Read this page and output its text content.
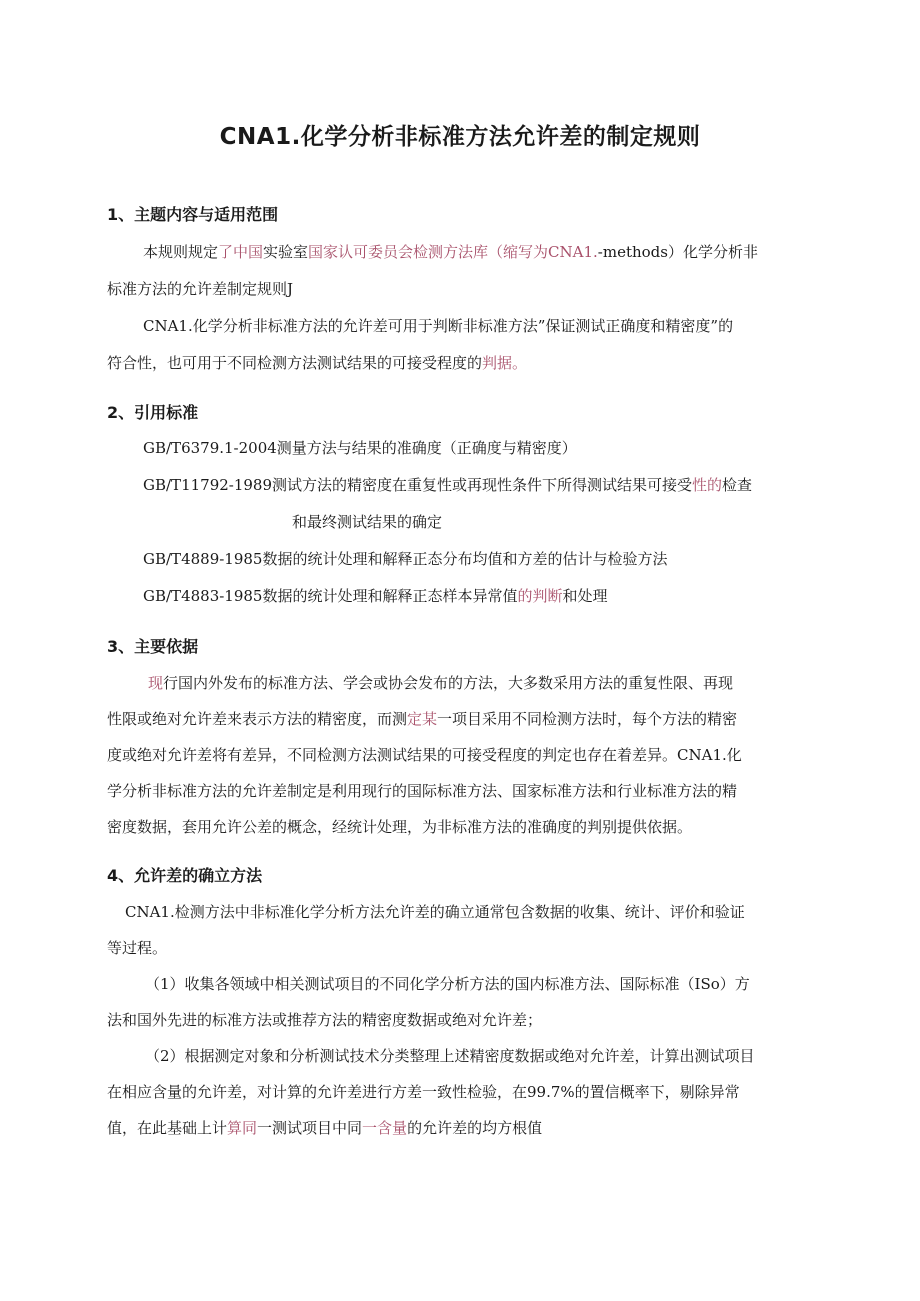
CNA1.化学分析非标准方法允许差的制定规则
1、主题内容与适用范围
本规则规定了中国实验室国家认可委员会检测方法库（缩写为CNA1.-methods）化学分析非
标准方法的允许差制定规则J
CNA1.化学分析非标准方法的允许差可用于判断非标准方法”保证测试正确度和精密度”的
符合性，也可用于不同检测方法测试结果的可接受程度的判据。
2、引用标准
GB/T6379.1-2004测量方法与结果的准确度（正确度与精密度）
GB/T11792-1989测试方法的精密度在重复性或再现性条件下所得测试结果可接受性的检查
和最终测试结果的确定
GB/T4889-1985数据的统计处理和解释正态分布均值和方差的估计与检验方法
GB/T4883-1985数据的统计处理和解释正态样本异常值的判断和处理
3、主要依据
现行国内外发布的标准方法、学会或协会发布的方法，大多数采用方法的重复性限、再现
性限或绝对允许差来表示方法的精密度，而测定某一项目采用不同检测方法时，每个方法的精密
度或绝对允许差将有差异，不同检测方法测试结果的可接受程度的判定也存在着差异。CNA1.化
学分析非标准方法的允许差制定是利用现行的国际标准方法、国家标准方法和行业标准方法的精
密度数据，套用允许公差的概念，经统计处理，为非标准方法的准确度的判别提供依据。
4、允许差的确立方法
CNA1.检测方法中非标准化学分析方法允许差的确立通常包含数据的收集、统计、评价和验证
等过程。
（1）收集各领域中相关测试项目的不同化学分析方法的国内标准方法、国际标准（ISo）方
法和国外先进的标准方法或推荐方法的精密度数据或绝对允许差；
（2）根据测定对象和分析测试技术分类整理上述精密度数据或绝对允许差，计算出测试项目
在相应含量的允许差，对计算的允许差进行方差一致性检验，在99.7%的置信概率下，剔除异常
值，在此基础上计算同一测试项目中同一含量的允许差的均方根值
